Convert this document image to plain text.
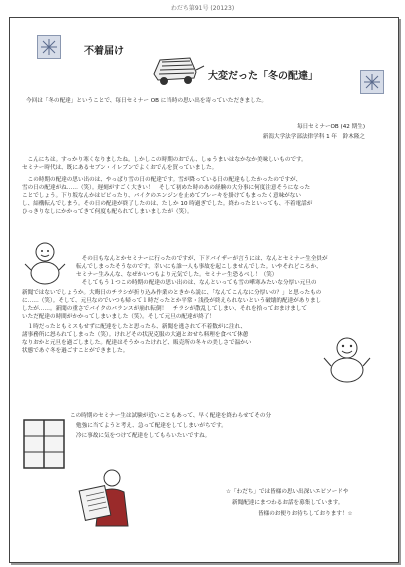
わだち第91号 (20123)
不着届け
大変だった「冬の配達」
今回は「冬の配達」ということで、毎日セミナー OB に当時の思い出を寄っていただきました。
毎日セミナーOB (42 期生)
新潟大学法学部法律学科 1 年　鈴木隆之
　こんにちは。すっかり寒くなりましたね。しかしこの時期のおでん、しゅうまいはなかなか美味しいものです。
セミナー時代は、既にあるセブン・イレブンでよくおでんを買っていました。
　この時期の配達の思い出のは、やっぱり雪の日の配達です。雪が降っている日の配達もしたかったのですが、
雪の日の配達がね……（笑）。遅刻がすごく大きい！　そして初めた時のあの経験の大分事に何度注意そうになった
ことでしょう。下り坂なんかはビビったり、バイクのエンジンを止めてブレーキを掛けてもまったく意味がない
し、結構転んでしまう。その日の配達が終了したのは、たしか 10 時過ぎでした。終わったといっても、不着電話が
ひっきりなしにかかってきて何度も配られてしまいましたが（笑）。
　その日もなんとかセミナーに行ったのですが、下ドバイザーが言うには、なんとセミナー生全員が
転んでしまったそうなのです。幸いにも誰一人も事故を起こしませんでした。いやそれどころか、
セミナー生みんな、なぜかいつもより元気でした。セミナー生恐るべし！（笑）
　そしてもう１つこの時期の配達の思い出のは、なんといっても雪の嘩寒みたいな分厚い元旦の
新聞ではないでしょうか。大晦日のチラシが折り込み作業のときから説に、「なんてこんなに分厚いの？」と思ったもの
に……（笑）。そして、元旦なのでいつも帰って１時だったとか平常・浅役が終えられないという破壊的配達がありまし
したが……。新聞の重さでバイクのバランスが崩れ転倒！　チラシが散乱してしまい、それを拾っておまけまして
いただ配達の時間がかかってしまいました（笑）。そして元旦の配達が終了！
　１時だったともミスもせずに配達をしたと思ったら、新聞を逃されて不着数がに注れ、
諸事務所に怒られてしまった（笑）。けれどその状況克服の大過とおせち料理を食べて休憩
なりおかと元旦を過ごしました。配達はそうかったけれど、販売所の冬々の美しさで温かい
状態であぐ冬を過ごすことができました。
この時期のセミナー生は試験が近いこともあって、早く配達を終わらせてその分
勉強に当てようと考え、急って配達をしてしまいがちです。
冷に事故に気をつけて配達をしてもらいたいですね。
☆「わだち」では皆様の思い出深いエピソードや
新聞配達にまつわるお話を募集しています。
皆様のお便りお待ちしております！☆
